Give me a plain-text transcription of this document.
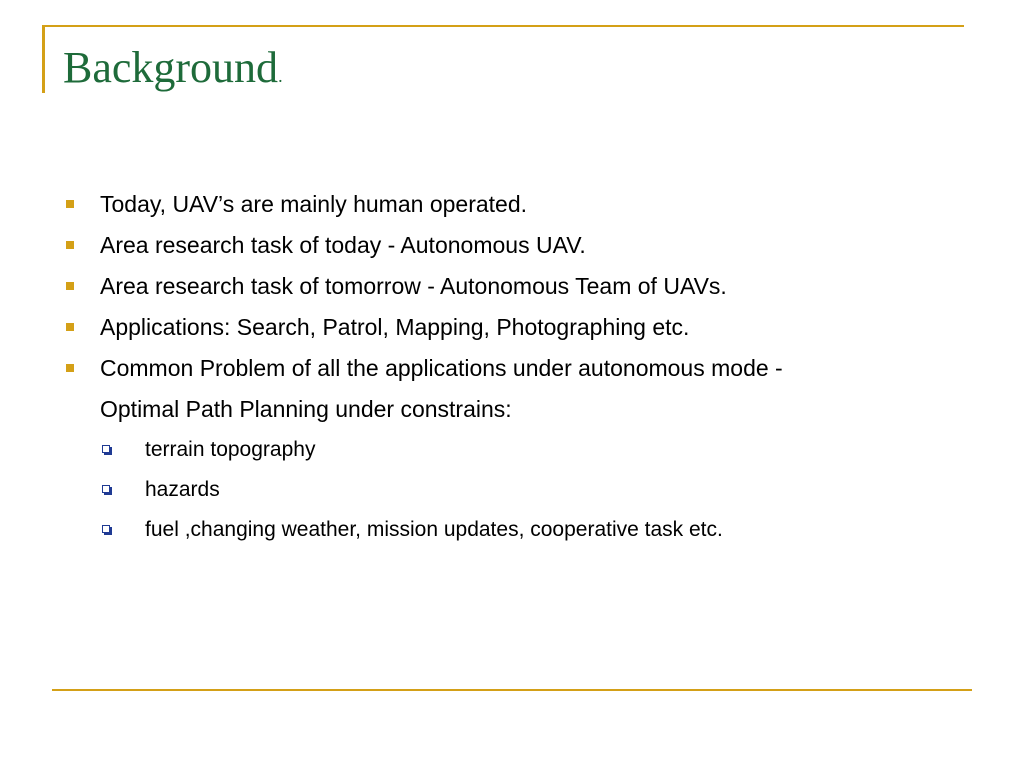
Background.
Today, UAV’s are mainly human operated.
Area research task of today - Autonomous UAV.
Area research task of tomorrow - Autonomous Team of UAVs.
Applications: Search, Patrol, Mapping, Photographing etc.
Common Problem of all the applications under autonomous mode - Optimal Path Planning under constrains:
terrain topography
hazards
fuel ,changing weather, mission updates, cooperative task etc.
